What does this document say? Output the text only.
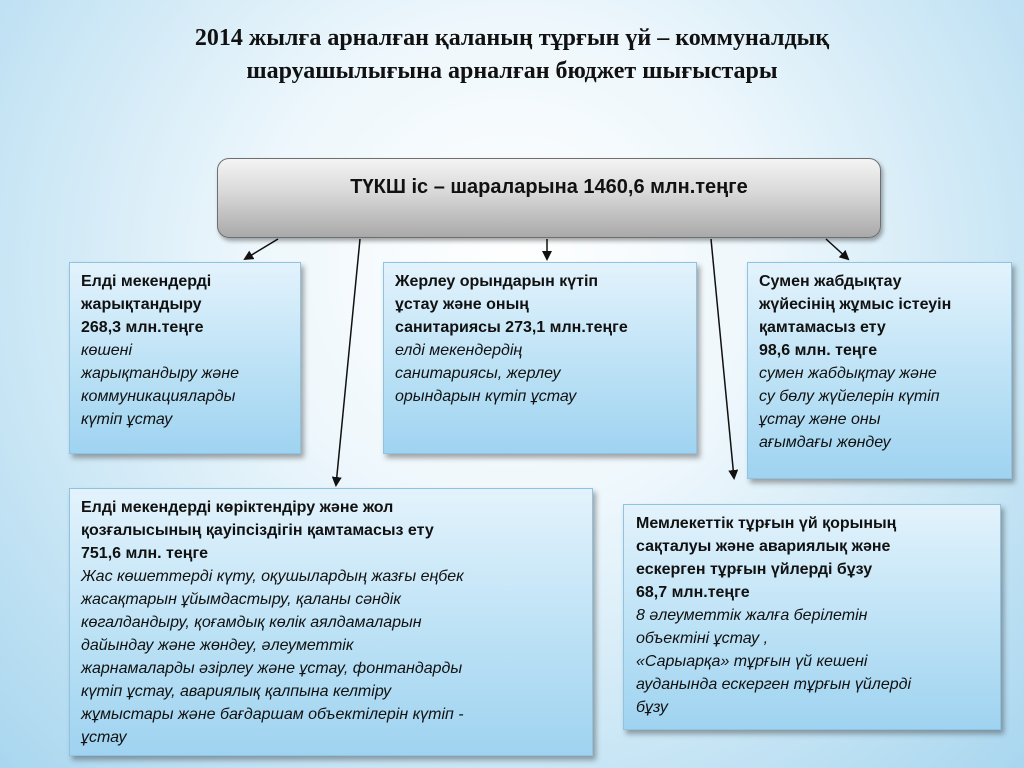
2014 жылға арналған қаланың тұрғын үй – коммуналдық
шаруашылығына арналған бюджет шығыстары
ТҮКШ іс – шараларына 1460,6 млн.теңге
Елді мекендерді
жарықтандыру
268,3 млн.теңге
көшені
жарықтандыру және
коммуникацияларды
күтіп ұстау
Жерлеу орындарын күтіп
ұстау және оның
санитариясы 273,1 млн.теңге
елді мекендердің
санитариясы, жерлеу
орындарын күтіп ұстау
Сумен жабдықтау
жүйесінің жұмыс істеуін
қамтамасыз ету
98,6 млн. теңге
сумен жабдықтау және
су бөлу жүйелерін күтіп
ұстау және оны
ағымдағы жөндеу
Елді мекендерді көріктендіру және жол
қозғалысының қауіпсіздігін қамтамасыз ету
751,6 млн. теңге
Жас көшеттерді күту, оқушылардың жазғы еңбек
жасақтарын ұйымдастыру, қаланы сәндік
көгалдандыру, қоғамдық көлік аялдамаларын
дайындау және жөндеу, әлеуметтік
жарнамаларды әзірлеу және ұстау, фонтандарды
күтіп ұстау, авариялық қалпына келтіру
жұмыстары және бағдаршам объектілерін күтіп -
ұстау
Мемлекеттік тұрғын үй қорының
сақталуы және авариялық және
ескерген тұрғын үйлерді бұзу
68,7 млн.теңге
8 әлеуметтік жалға берілетін
объектіні ұстау ,
«Сарыарқа» тұрғын үй кешені
ауданында ескерген тұрғын үйлерді
бұзу
